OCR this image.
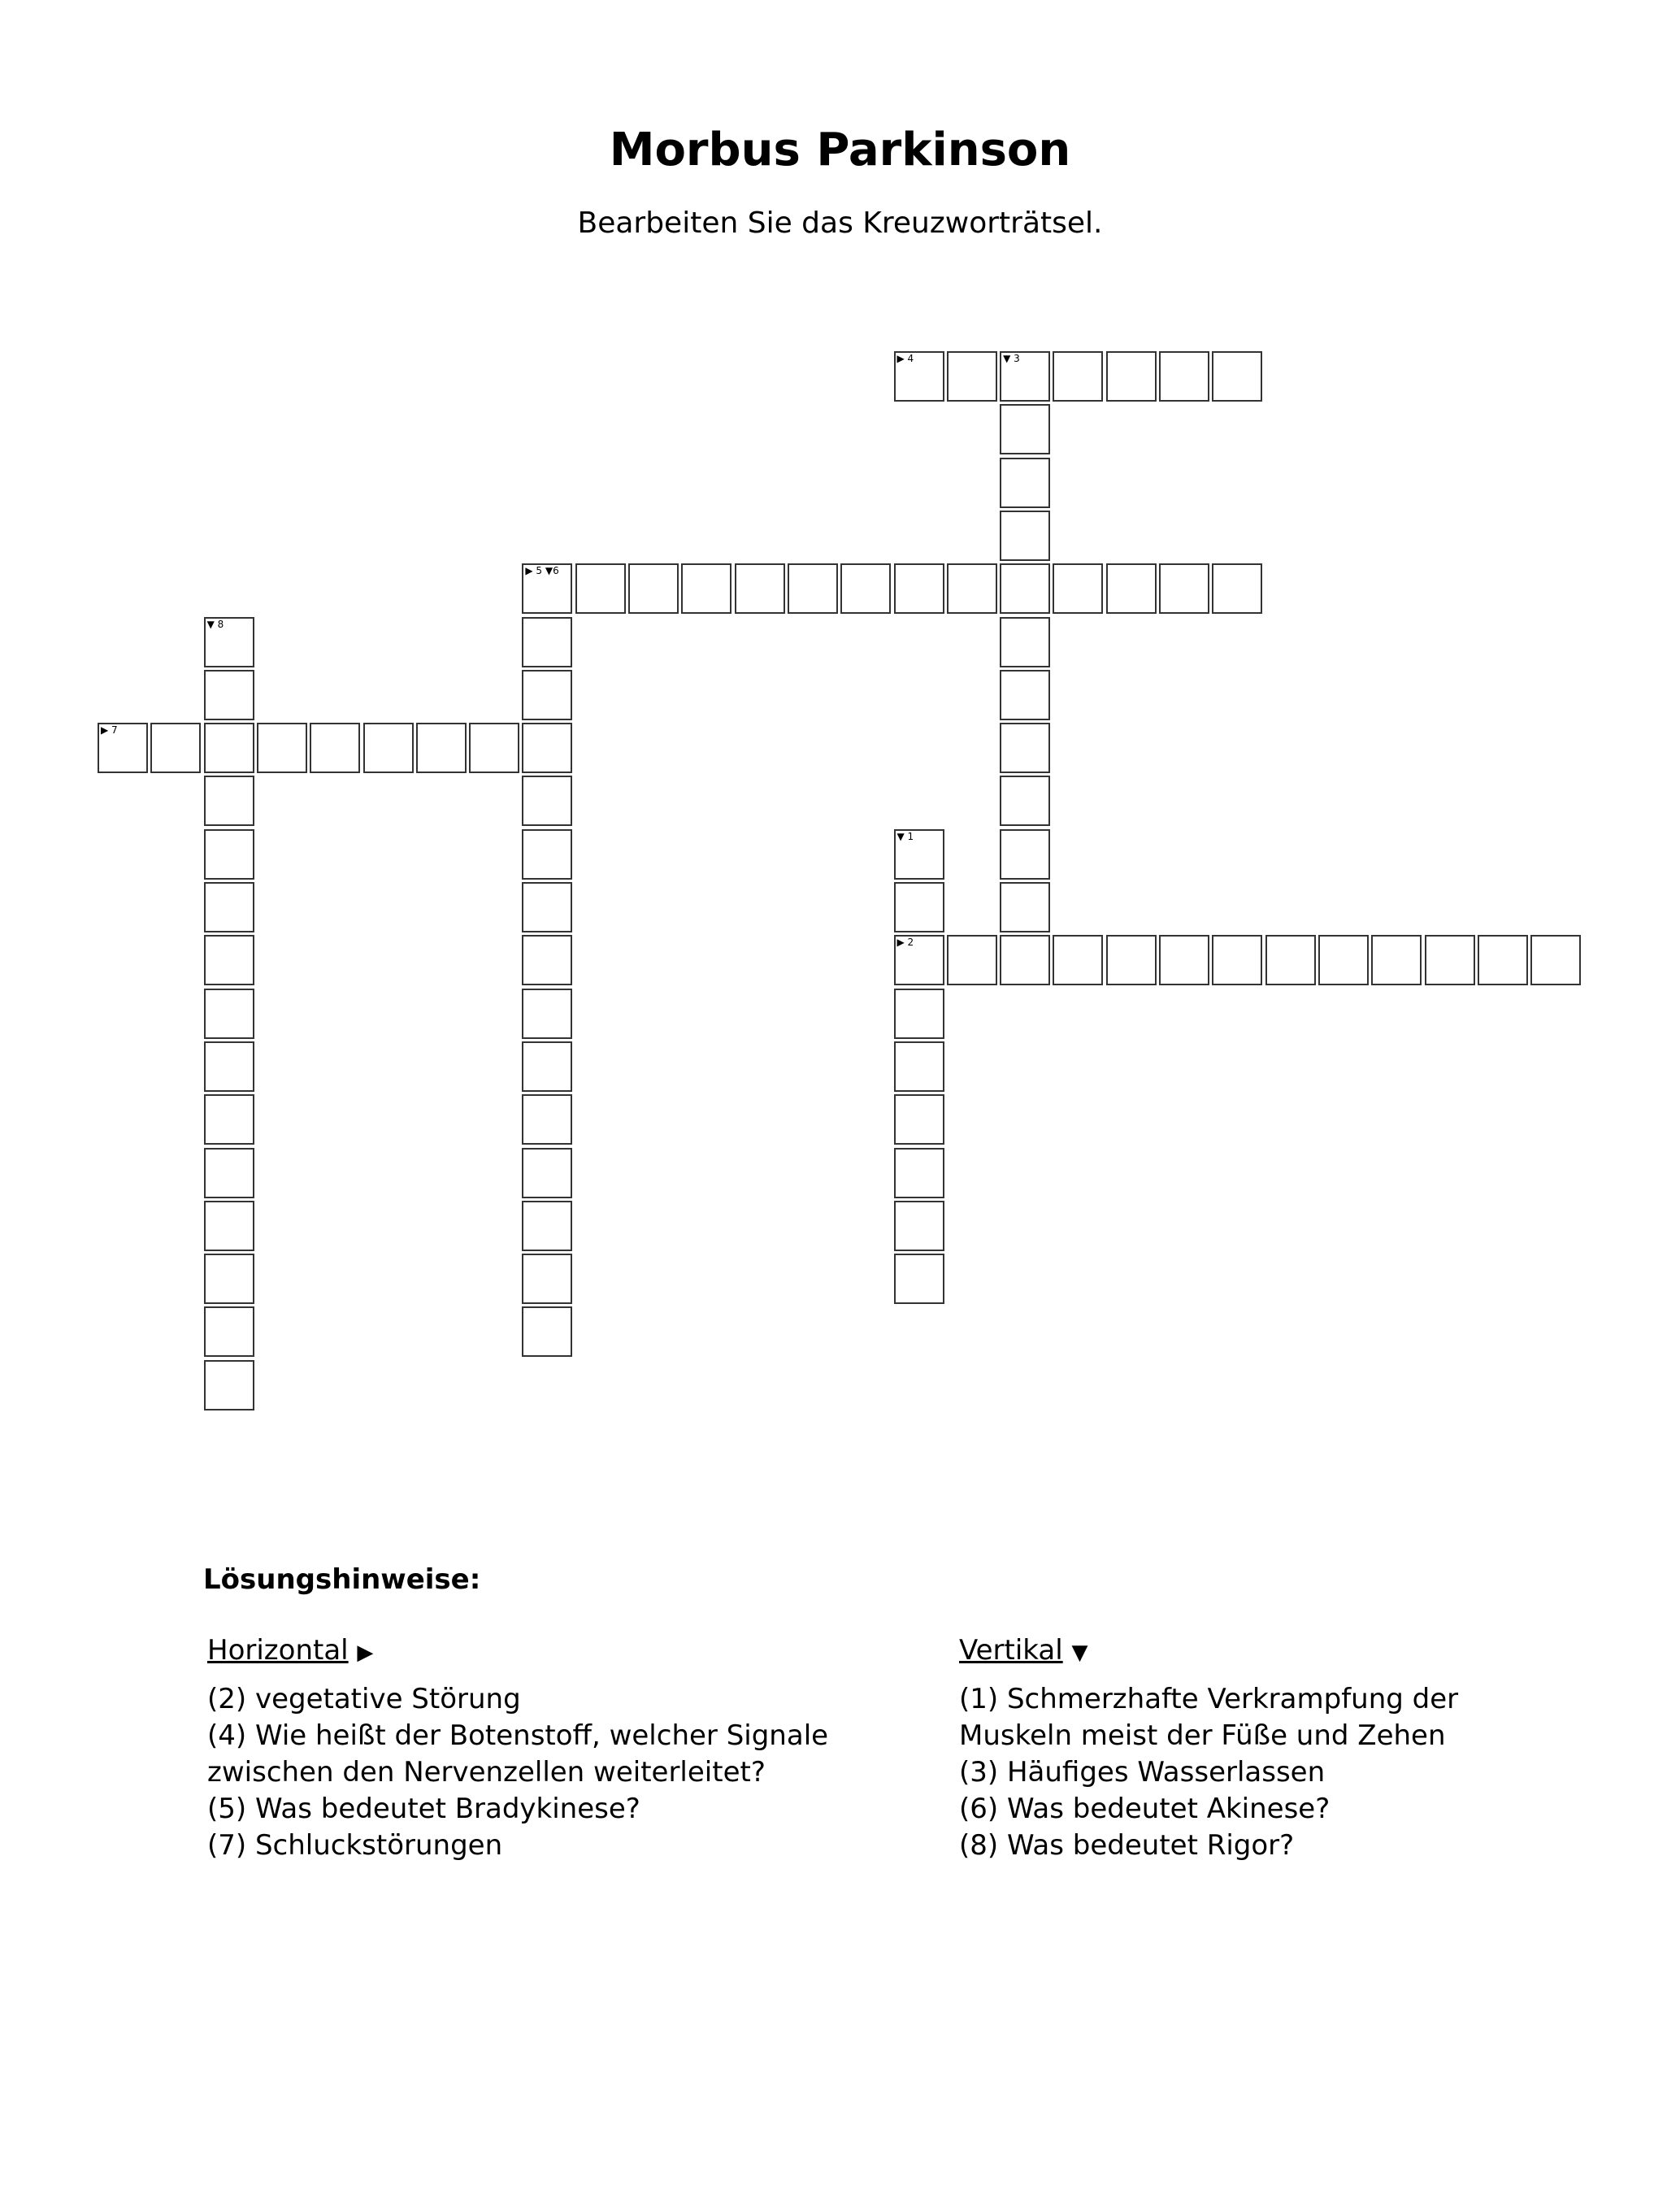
Morbus Parkinson
Bearbeiten Sie das Kreuzworträtsel.
▶ 4	▼ 3
▶ 5 ▼6
▼ 8
▶ 7
▼ 1
▶ 2
Lösungshinweise:
Horizontal ▶
(2) vegetative Störung
(4) Wie heißt der Botenstoff, welcher Signale zwischen den Nervenzellen weiterleitet?
(5) Was bedeutet Bradykinese?
(7) Schluckstörungen
Vertikal ▼
(1) Schmerzhafte Verkrampfung der Muskeln meist der Füße und Zehen
(3) Häufiges Wasserlassen
(6) Was bedeutet Akinese?
(8) Was bedeutet Rigor?
